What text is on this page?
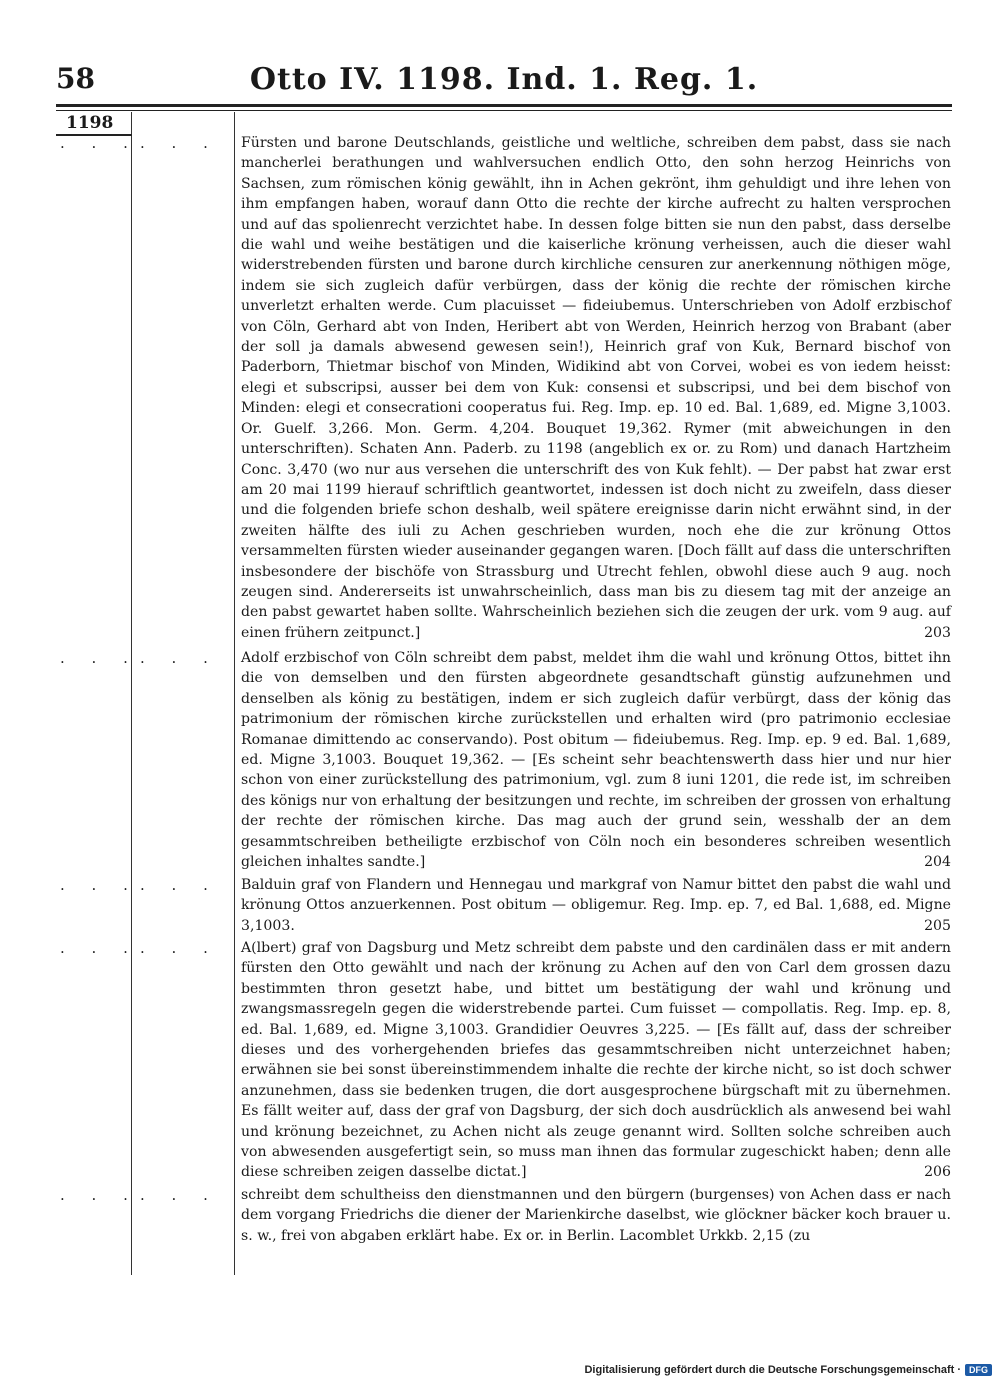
58	Otto IV. 1198. Ind. 1. Reg. 1.
1198
. . . . . . Fürsten und barone Deutschlands, geistliche und weltliche, schreiben dem pabst, dass sie nach mancherlei berathungen und wahlversuchen endlich Otto, den sohn herzog Heinrichs von Sachsen, zum römischen könig gewählt, ihn in Achen gekrönt, ihm gehuldigt und ihre lehen von ihm empfangen haben, worauf dann Otto die rechte der kirche aufrecht zu halten versprochen und auf das spolienrecht verzichtet habe. In dessen folge bitten sie nun den pabst, dass derselbe die wahl und weihe bestätigen und die kaiserliche krönung verheissen, auch die dieser wahl widerstrebenden fürsten und barone durch kirchliche censuren zur anerkennung nöthigen möge, indem sie sich zugleich dafür verbürgen, dass der könig die rechte der römischen kirche unverletzt erhalten werde. Cum placuisset — fideiubemus. Unterschrieben von Adolf erzbischof von Cöln, Gerhard abt von Inden, Heribert abt von Werden, Heinrich herzog von Brabant (aber der soll ja damals abwesend gewesen sein!), Heinrich graf von Kuk, Bernard bischof von Paderborn, Thietmar bischof von Minden, Widikind abt von Corvei, wobei es von iedem heisst: elegi et subscripsi, ausser bei dem von Kuk: consensi et subscripsi, und bei dem bischof von Minden: elegi et consecrationi cooperatus fui. Reg. Imp. ep. 10 ed. Bal. 1,689, ed. Migne 3,1003. Or. Guelf. 3,266. Mon. Germ. 4,204. Bouquet 19,362. Rymer (mit abweichungen in den unterschriften). Schaten Ann. Paderb. zu 1198 (angeblich ex or. zu Rom) und danach Hartzheim Conc. 3,470 (wo nur aus versehen die unterschrift des von Kuk fehlt). — Der pabst hat zwar erst am 20 mai 1199 hierauf schriftlich geantwortet, indessen ist doch nicht zu zweifeln, dass dieser und die folgenden briefe schon deshalb, weil spätere ereignisse darin nicht erwähnt sind, in der zweiten hälfte des iuli zu Achen geschrieben wurden, noch ehe die zur krönung Ottos versammelten fürsten wieder auseinander gegangen waren. [Doch fällt auf dass die unterschriften insbesondere der bischöfe von Strassburg und Utrecht fehlen, obwohl diese auch 9 aug. noch zeugen sind. Andererseits ist unwahrscheinlich, dass man bis zu diesem tag mit der anzeige an den pabst gewartet haben sollte. Wahrscheinlich beziehen sich die zeugen der urk. vom 9 aug. auf einen frühern zeitpunct.]	203
. . . . . . Adolf erzbischof von Cöln schreibt dem pabst, meldet ihm die wahl und krönung Ottos, bittet ihn die von demselben und den fürsten abgeordnete gesandtschaft günstig aufzunehmen und denselben als könig zu bestätigen, indem er sich zugleich dafür verbürgt, dass der könig das patrimonium der römischen kirche zurückstellen und erhalten wird (pro patrimonio ecclesiae Romanae dimittendo ac conservando). Post obitum — fideiubemus. Reg. Imp. ep. 9 ed. Bal. 1,689, ed. Migne 3,1003. Bouquet 19,362. — [Es scheint sehr beachtenswerth dass hier und nur hier schon von einer zurückstellung des patrimonium, vgl. zum 8 iuni 1201, die rede ist, im schreiben des königs nur von erhaltung der besitzungen und rechte, im schreiben der grossen von erhaltung der rechte der römischen kirche. Das mag auch der grund sein, wesshalb der an dem gesammtschreiben betheiligte erzbischof von Cöln noch ein besonderes schreiben wesentlich gleichen inhaltes sandte.]	204
. . . . . . Balduin graf von Flandern und Hennegau und markgraf von Namur bittet den pabst die wahl und krönung Ottos anzuerkennen. Post obitum — obligemur. Reg. Imp. ep. 7, ed Bal. 1,688, ed. Migne 3,1003.	205
. . . . . . A(lbert) graf von Dagsburg und Metz schreibt dem pabste und den cardinälen dass er mit andern fürsten den Otto gewählt und nach der krönung zu Achen auf den von Carl dem grossen dazu bestimmten thron gesetzt habe, und bittet um bestätigung der wahl und krönung und zwangsmassregeln gegen die widerstrebende partei. Cum fuisset — compollatis. Reg. Imp. ep. 8, ed. Bal. 1,689, ed. Migne 3,1003. Grandidier Oeuvres 3,225. — [Es fällt auf, dass der schreiber dieses und des vorhergehenden briefes das gesammtschreiben nicht unterzeichnet haben; erwähnen sie bei sonst übereinstimmendem inhalte die rechte der kirche nicht, so ist doch schwer anzunehmen, dass sie bedenken trugen, die dort ausgesprochene bürgschaft mit zu übernehmen. Es fällt weiter auf, dass der graf von Dagsburg, der sich doch ausdrücklich als anwesend bei wahl und krönung bezeichnet, zu Achen nicht als zeuge genannt wird. Sollten solche schreiben auch von abwesenden ausgefertigt sein, so muss man ihnen das formular zugeschickt haben; denn alle diese schreiben zeigen dasselbe dictat.]	206
. . . . . . schreibt dem schultheiss den dienstmannen und den bürgern (burgenses) von Achen dass er nach dem vorgang Friedrichs die diener der Marienkirche daselbst, wie glöckner bäcker koch brauer u. s. w., frei von abgaben erklärt habe. Ex or. in Berlin. Lacomblet Urkkb. 2,15 (zu
Digitalisierung gefördert durch die Deutsche Forschungsgemeinschaft · DFG
